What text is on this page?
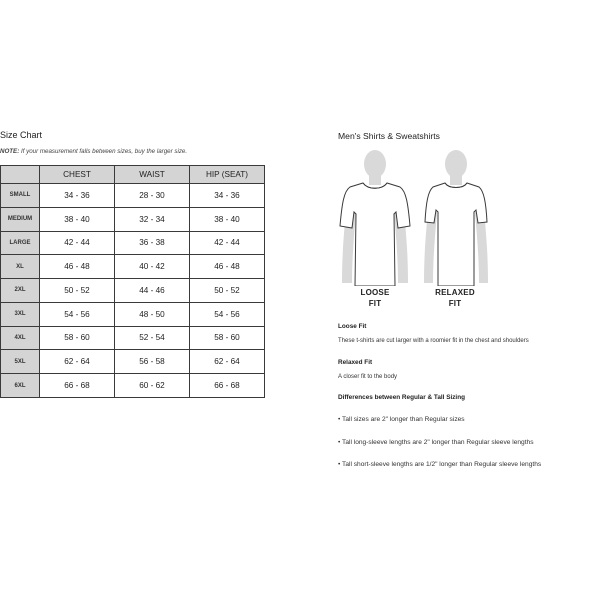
Size Chart
NOTE: If your measurement falls between sizes, buy the larger size.
	CHEST	WAIST	HIP (SEAT)
SMALL	34 - 36	28 - 30	34 - 36
MEDIUM	38 - 40	32 - 34	38 - 40
LARGE	42 - 44	36 - 38	42 - 44
XL	46 - 48	40 - 42	46 - 48
2XL	50 - 52	44 - 46	50 - 52
3XL	54 - 56	48 - 50	54 - 56
4XL	58 - 60	52 - 54	58 - 60
5XL	62 - 64	56 - 58	62 - 64
6XL	66 - 68	60 - 62	66 - 68
Men's Shirts & Sweatshirts
LOOSE
FIT
RELAXED
FIT
Loose Fit
These t-shirts are cut larger with a roomier fit in the chest and shoulders
Relaxed Fit
A closer fit to the body
Differences between Regular & Tall Sizing
• Tall sizes are 2" longer than Regular sizes
• Tall long-sleeve lengths are 2" longer than Regular sleeve lengths
• Tall short-sleeve lengths are 1/2" longer than Regular sleeve lengths
